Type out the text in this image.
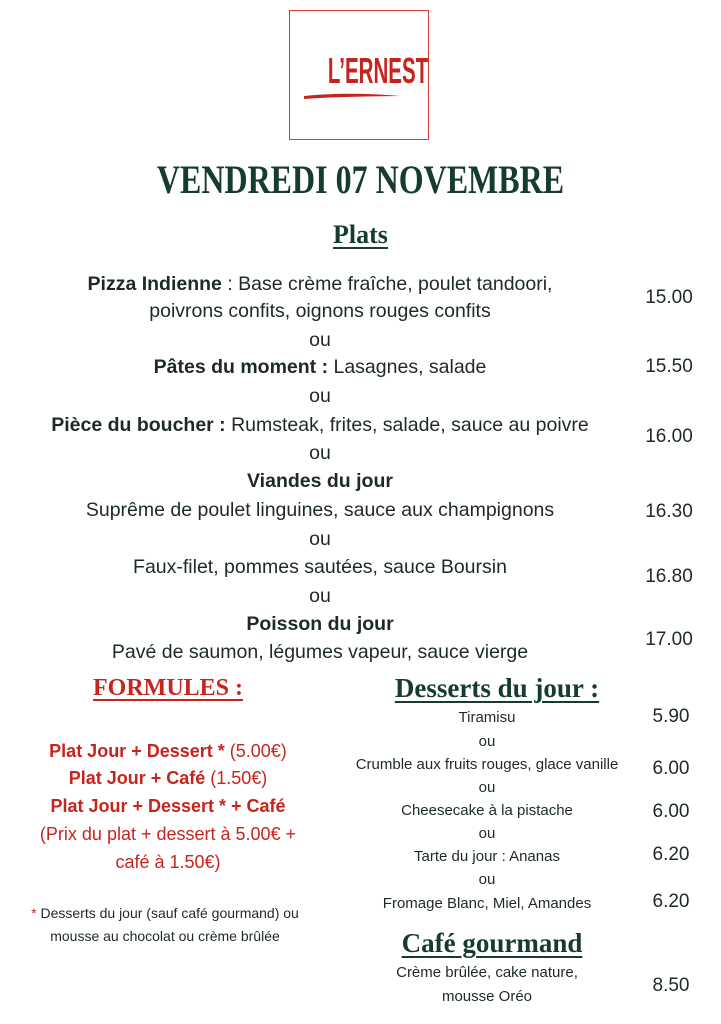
L’ERNEST
VENDREDI 07 NOVEMBRE
Plats
Pizza Indienne : Base crème fraîche, poulet tandoori,
poivrons confits, oignons rouges confits
ou
Pâtes du moment : Lasagnes, salade
ou
Pièce du boucher : Rumsteak, frites, salade, sauce au poivre
ou
Viandes du jour
Suprême de poulet linguines, sauce aux champignons
ou
Faux-filet, pommes sautées, sauce Boursin
ou
Poisson du jour
Pavé de saumon, légumes vapeur, sauce vierge
15.00
15.50
16.00
16.30
16.80
17.00
FORMULES :
Plat Jour + Dessert * (5.00€)
Plat Jour + Café (1.50€)
Plat Jour + Dessert * + Café
(Prix du plat + dessert à 5.00€ +
café à 1.50€)
* Desserts du jour (sauf café gourmand) ou
mousse au chocolat ou crème brûlée
Desserts du jour :
Tiramisu
ou
Crumble aux fruits rouges, glace vanille
ou
Cheesecake à la pistache
ou
Tarte du jour : Ananas
ou
Fromage Blanc, Miel, Amandes
5.90
6.00
6.00
6.20
6.20
Café gourmand
Crème brûlée, cake nature,
mousse Oréo
8.50
